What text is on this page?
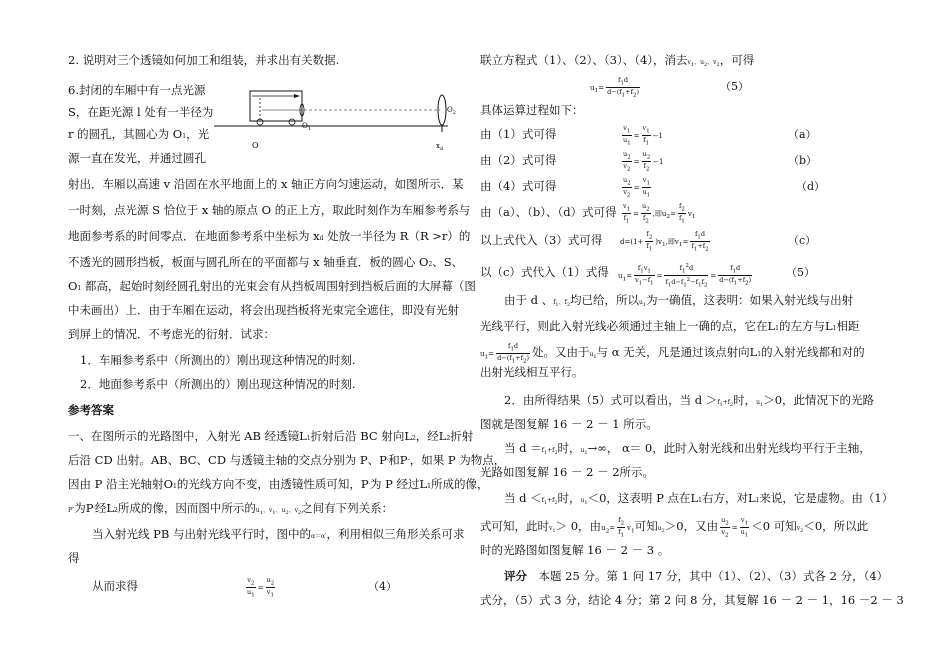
2. 说明对三个透镜如何加工和组装，并求出有关数据.
6.封闭的车厢中有一点光源
S，在距光源 l 处有一半径为
r 的圆孔，其圆心为 O1，光
源一直在发光，并通过圆孔
O
$O_1$
$O_2$
$x_d$
射出．车厢以高速 v 沿固在水平地面上的 x 轴正方向匀速运动，如图所示．某
一时刻，点光源 S 恰位于 x 轴的原点 O 的正上方，取此时刻作为车厢参考系与
地面参考系的时间零点．在地面参考系中坐标为 xd 处放一半径为 R（R >r）的
不透光的圆形挡板，板面与圆孔所在的平面都与 x 轴垂直．板的圆心 O2、S、
O1 都高，起始时刻经圆孔射出的光束会有从挡板周围射到挡板后面的大屏幕（图
中未画出）上．由于车厢在运动，将会出现挡板将光束完全遮住，即没有光射
到屏上的情况．不考虑光的衍射．试求：
1．车厢参考系中（所测出的）刚出现这种情况的时刻.
2．地面参考系中（所测出的）刚出现这种情况的时刻.
参考答案
一、在图所示的光路图中，入射光 AB 经透镜L1折射后沿 BC 射向L2，经L2折射
后沿 CD 出射。AB、BC、CD 与透镜主轴的交点分别为 P、P′和P″，如果 P 为物点，
因由 P 沿主光轴射O1的光线方向不变，由透镜性质可知，P′为 P 经过L1所成的像，
P″为P′经L2所成的像，因而图中所示的$u_1$、$v_1$、$u_2$、$v_2$之间有下列关系：
当入射光线 PB 与出射光线平行时，图中的α＝α′，利用相似三角形关系可求
得
从而求得	$\frac{v_2}{u_1} = \frac{u_2}{v_1}$	（4）
联立方程式（1）、（2）、（3）、（4），消去$v_1$、$u_2$、$v_2$，可得
$u_1= \frac{f_1d}{d-(f_1+f_2)}$	（5）
具体运算过程如下：
由（1）式可得	$\frac{v_1}{u_1} = \frac{v_1}{f_1} -1$	（a）
由（2）式可得	$\frac{u_2}{v_2} = \frac{u_2}{f_2} -1$	（b）
由（4）式可得	$\frac{u_2}{v_2} = \frac{v_1}{u_1}$	（d）
由（a）、（b）、（d）式可得 $\frac{v_1}{f_1} = \frac{u_2}{f_2}$ ,即$u_2= \frac{f_2}{f_1} v_1$
以上式代入（3）式可得	$d=(1+ \frac{f_2}{f_1} )v_1$,即$v_1= \frac{f_1d}{f_1+f_2}$	（c）
以（c）式代入（1）式得 $u_1= \frac{f_1v_1}{v_1-f_1} = \frac{f_1^2d}{f_1d-f_1^2-f_1f_2} = \frac{f_1d}{d-(f_1+f_2)}$	（5）
由于 d 、$f_1$、$f_2$均已给，所以$u_1$为一确值，这表明：如果入射光线与出射
光线平行，则此入射光线必须通过主轴上一确的点，它在L1的左方与L1相距
$u_1= \frac{f_1d}{d-(f_1+f_2)}$ 处。又由于$u_1$与 α 无关，凡是通过该点射向L1的入射光线都和对的
出射光线相互平行。
2．由所得结果（5）式可以看出，当 $d >f_1+f_2$时，$u_1>0$，此情况下的光路
图就是图复解 16 － 2 － 1 所示。
当 $d =f_1+f_2$时，$u_1\to\infty$， α＝ 0，此时入射光线和出射光线均平行于主轴，
光路如图复解 16 － 2 － 2所示。
当 $d <f_1+f_2$时，$u_1<0$，这表明 P 点在L1右方，对L1来说，它是虚物。由（1）
式可知，此时$v_1> 0$，由$u_2= \frac{f_2}{f_1} v_1$可知$u_2>0$，又由 $\frac{u_2}{v_2} = \frac{v_1}{u_1} <0$ 可知$v_2<0$，所以此
时的光路图如图复解 16 － 2 － 3 。
评分　 本题 25 分。第 1 问 17 分，其中（1）、（2）、（3）式各 2 分，（4）
式分，（5）式 3 分，结论 4 分；第 2 问 8 分，其复解 16 － 2 － 1，16 －2 － 3
